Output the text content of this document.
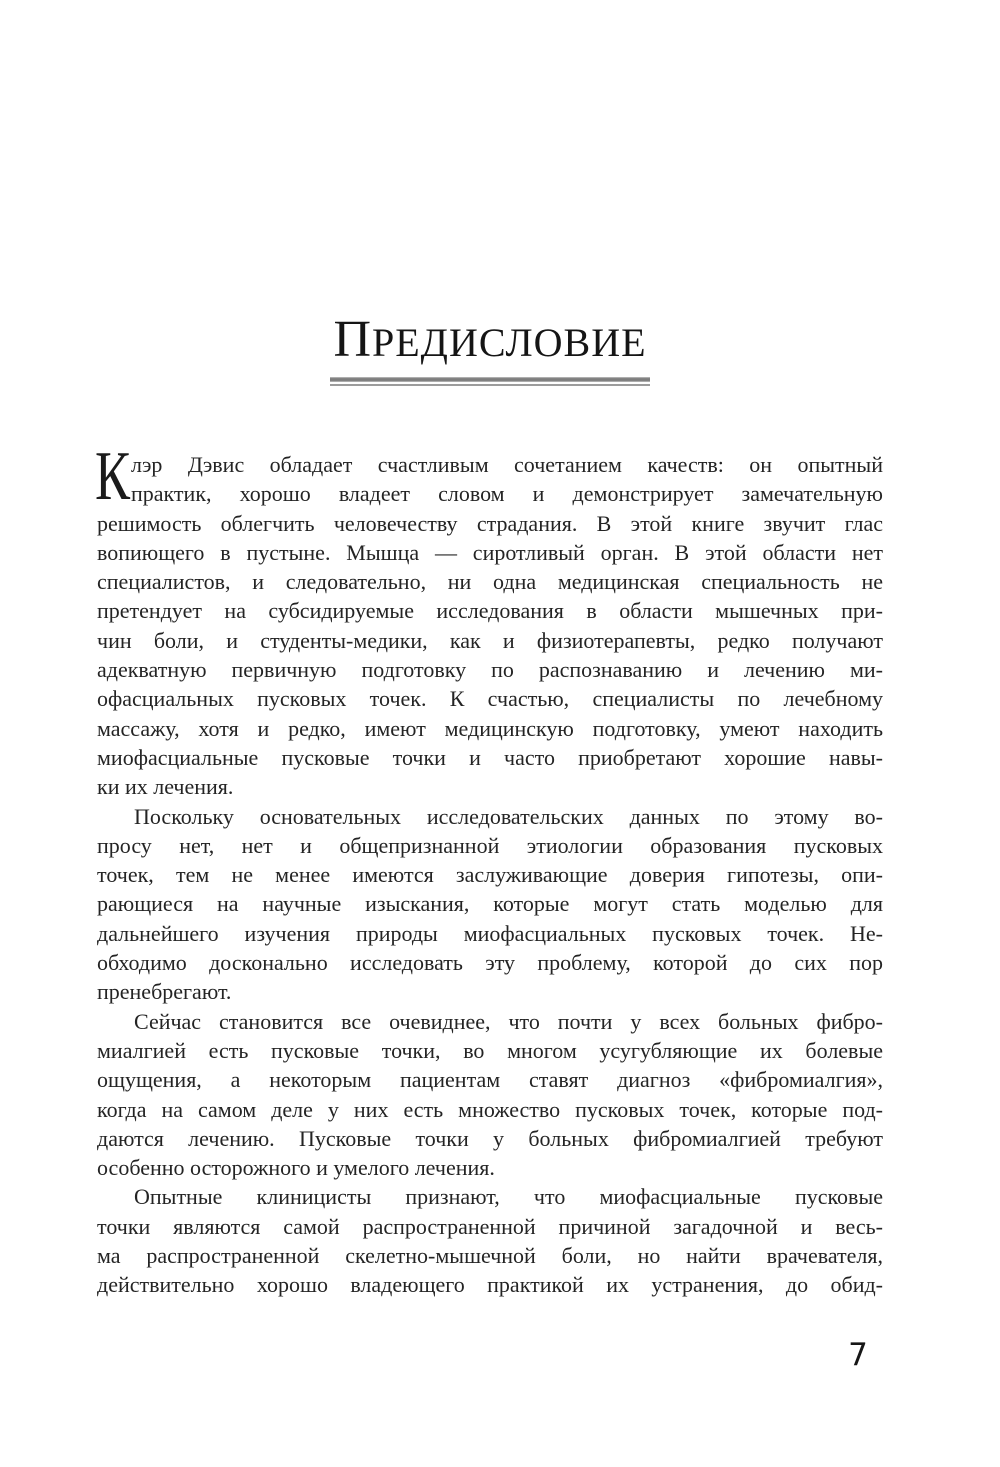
ПРЕДИСЛОВИЕ
К лэр Дэвис обладает счастливым сочетанием качеств: он опытный
практик, хорошо владеет словом и демонстрирует замечательную
решимость облегчить человечеству страдания. В этой книге звучит глас
вопиющего в пустыне. Мышца — сиротливый орган. В этой области нет
специалистов, и следовательно, ни одна медицинская специальность не
претендует на субсидируемые исследования в области мышечных при-
чин боли, и студенты-медики, как и физиотерапевты, редко получают
адекватную первичную подготовку по распознаванию и лечению ми-
офасциальных пусковых точек. К счастью, специалисты по лечебному
массажу, хотя и редко, имеют медицинскую подготовку, умеют находить
миофасциальные пусковые точки и часто приобретают хорошие навы-
ки их лечения.
Поскольку основательных исследовательских данных по этому во-
просу нет, нет и общепризнанной этиологии образования пусковых
точек, тем не менее имеются заслуживающие доверия гипотезы, опи-
рающиеся на научные изыскания, которые могут стать моделью для
дальнейшего изучения природы миофасциальных пусковых точек. Не-
обходимо досконально исследовать эту проблему, которой до сих пор
пренебрегают.
Сейчас становится все очевиднее, что почти у всех больных фибро-
миалгией есть пусковые точки, во многом усугубляющие их болевые
ощущения, а некоторым пациентам ставят диагноз «фибромиалгия»,
когда на самом деле у них есть множество пусковых точек, которые под-
даются лечению. Пусковые точки у больных фибромиалгией требуют
особенно осторожного и умелого лечения.
Опытные клиницисты признают, что миофасциальные пусковые
точки являются самой распространенной причиной загадочной и весь-
ма распространенной скелетно-мышечной боли, но найти врачевателя,
действительно хорошо владеющего практикой их устранения, до обид-
7
